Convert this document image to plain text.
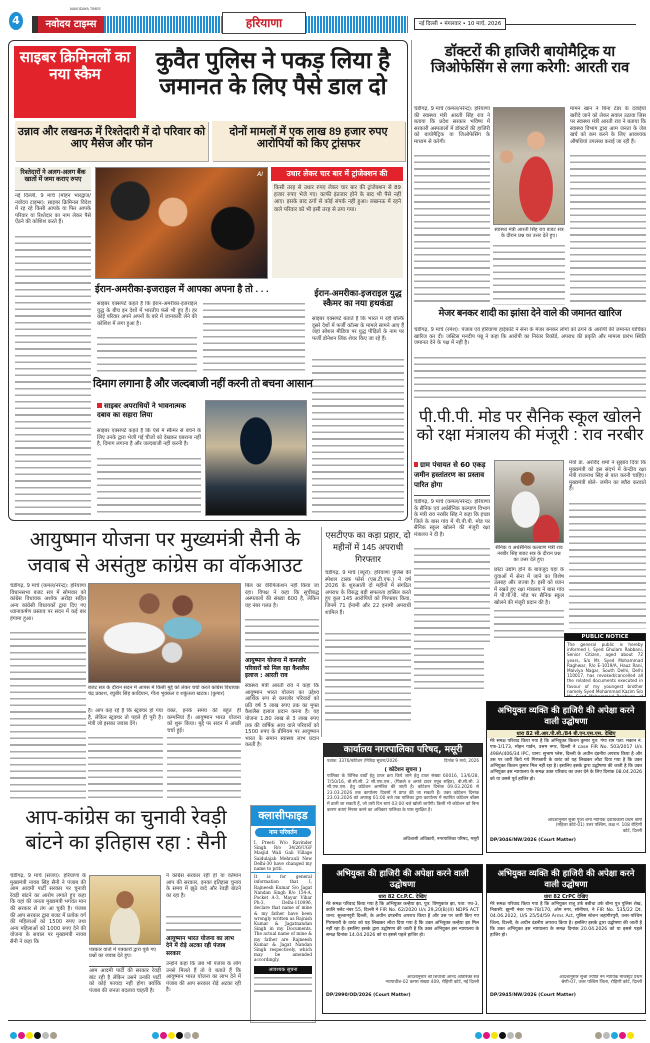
4
NAVODAYA TIMES
नवोदय टाइम्स	हरियाणा	नई दिल्ली • मंगलवार • 10 मार्च, 2026
साइबर क्रिमिनलों का नया स्कैम
कुवैत पुलिस ने पकड़ लिया है जमानत के लिए पैसे डाल दो
उन्नाव और लखनऊ में रिश्तेदारी में दो परिवार को आए मैसेज और फोन
दोनों मामलों में एक लाख 89 हजार रुपए आरोपियों को किए ट्रांसफर
रिश्तेदारों ने अलग-अलग बैंक खातों में जमा कराए रुपए
नई दिल्ली, 9 मार्च (मोहन भारद्वाज/नवोदय टाइम्स): साइबर क्रिमिनल विदेश में रह रहे किसी आपके या फिर आपके परिवार या रिश्तेदार का नाम लेकर पैसे ऐंठने की कोशिश करते हैं।
AI	उधार लेकर चार बार में ट्रांजेक्शन की
किसी तरह से उधार रुपए लेकर चार बार की ट्रांजेक्शन से 89 हजार रुपए भेजे गए। काफी इंतजार होने के बाद भी पैसे नहीं आए। इसके बाद ठगों से कोई संपर्क नहीं हुआ। लखनऊ में रहने वाले परिवार को भी इसी तरह से ठगा गया।
ईरान-अमरीका-इजराइल में आपका अपना है तो . . .
साइबर एक्सपर्ट कहते हैं कि ईरान-अमरीका-इजराइल युद्ध के बीच इन देशों में भारतीय फंसे भी हुए हैं। हर कोई परिवार अपने अपनों के बारे में जानकारी लेने की कोशिश में लगा हुआ है।
ईरान-अमरीका-इजराइल युद्ध स्कैमर का नया हथकंडा
साइबर एक्सपर्ट बताते हैं कि भारत में रही बल्कि दूसरे देशों में फर्जी कॉल्स के मामले सामने आए हैं जहां सोशल मीडिया पर युद्ध पीड़ितों के नाम पर फर्जी डोनेशन लिंक शेयर किए जा रहे हैं।
दिमाग लगाना है और जल्दबाजी नहीं करनी तो बचना आसान
साइबर अपराधियों ने भावनात्मक दबाव का सहारा लिया
साइबर एक्सपर्ट कहते हैं कि ऐसे में स्कैमर से बचने के लिए उनके द्वारा भेजी गई चीजों को देखकर घबराना नहीं है, दिमाग लगाना है और जल्दबाजी नहीं करनी है।
डॉक्टरों की हाजिरी बायोमैट्रिक या जिओफेसिंग से लगा करेगी: आरती राव
चंडीगढ़, 9 मार्च (कमल/नरेन्द्र): हरियाणा की स्वास्थ्य मंत्री आरती सिंह राव ने बताया कि प्रदेश सरकार भविष्य में सरकारी अस्पतालों में डॉक्टरों की हाजिरी को बायोमैट्रिक या जिओफेसिंग के माध्यम से करेगी।
स्वास्थ्य मंत्री आरती सिंह राव बजट सत्र के दौरान प्रश्न का उत्तर देते हुए।
मामन खान ने बिना टेंडर के दवाईयां खरीदे जाने को लेकर सवाल उठाया जिस पर स्वास्थ्य मंत्री आरती राव ने बताया कि स्वास्थ्य विभाग द्वारा आम जनता के जेब खर्च को कम करने के लिए आवश्यक औषधियां उपलब्ध कराई जा रही हैं।
मेजर बनकर शादी का झांसा देने वाले की जमानत खारिज
चंडीगढ़, 9 मार्च (रमेश): पंजाब एवं हरियाणा हाईकोर्ट ने सेना के मेजर बनकर लोगों को ठगने के आरोपी की जमानत याचिका खारिज कर दी। जस्टिस मनदीप पन्नू ने कहा कि आरोपी का निरंतर रिकॉर्ड, अपराध की प्रकृति और मामला प्रारंभ स्थिति जमानत देने के पक्ष में नहीं है।
पी.पी.पी. मोड पर सैनिक स्कूल खोलने को रक्षा मंत्रालय की मंजूरी : राव नरबीर
ग्राम पंचायत से 60 एकड़ जमीन हस्तांतरण का प्रस्ताव पारित होगा
चंडीगढ़, 9 मार्च (कमल/नरेन्द्र): हरियाणा के सैनिक एवं अर्धसैनिक कल्याण विभाग के मंत्री राव नरबीर सिंह ने कहा कि इच्छा जिले के बास गांव में पी.पी.पी. मोड पर सैनिक स्कूल खोलने की मंजूरी रक्षा मंत्रालय ने दी है।
सैनिक व अर्धसैनिक कल्याण मंत्री राव नरबीर सिंह बजट सत्र के दौरान प्रश्न का उत्तर देते हुए।
छोटा उद्योग होने के बावजूद यहां के युवाओं में सेना में जाने का विशेष उत्साह और जज्बा है। इसी को ध्यान में रखते हुए रक्षा मंत्रालय ने बास गांव में पी.पी.पी. मोड पर सैनिक स्कूल खोलने की मंजूरी प्रदान की है।
मेयो डा. अरविंद शर्मा ने सुझाव दिया कि मुख्यमंत्री को इस संदर्भ में केन्द्रीय रक्षा मंत्री राजनाथ सिंह से बात करनी चाहिए। मुख्यमंत्री बोले- जमीन का ब्यौरा करवाते हैं।
PUBLIC NOTICE
The general public is hereby informed I, Syed Ghulam Rabbani, Senior Citizen, aged about 72 years, S/o Mr. Syed Mohammad Raghwar, R/o E-1019/A, Hauz Rani, Malviya Nagar, South Delhi, Delhi 110017, has revoked/cancelled all the related documents executed in favour of my youngest brother namely Syed Mohammad Kazim S/o Mr. Syed Mohammad Raghwar, of
अभियुक्त व्यक्ति की हाजिरी की अपेक्षा करने वाली उद्घोषणा
धारा 82 सी.आर.पी.सी./84 बी.एन.एस.एस. देखिए
मेरे समक्ष परिवाद किया गया है कि अभियुक्त किशन कुमार पुत्र: गंगा राम पता: मकान नं. एफ-1/173, मोहन गार्डन, उत्तम नगर, दिल्ली ने case FIR No. 503/2017 U/s 498A/406/34 IPC, थाना: सुभाष प्लेस, दिल्ली के अधीन दंडनीय अपराध किया है और उस पर जारी किये गये गिरफ्तारी के वारंट को यह लिखकर लौटा दिया गया है कि उक्त अभियुक्त किशन कुमार मिल नहीं रहा है। इसलिए इसके द्वारा उद्घोषणा की जाती है कि उक्त अभियुक्त इस न्यायालय के समक्ष उक्त परिवाद का उत्तर देने के लिए दिनांक 08.04.2026 को या उससे पूर्व हाजिर हो।
आदेशानुसार सुश्री पूजा शर्मा न्यायिक दंडाधिकारी प्रथम श्रेणी (महिला कोर्ट-01) उत्तर पश्चिम, कक्ष नं. 108 रोहिणी कोर्ट, दिल्ली
DP/3046/NW/2026 (Court Matter)
आयुष्मान योजना पर मुख्यमंत्री सैनी के जवाब से असंतुष्ट कांग्रेस का वॉकआउट
चंडीगढ़, 9 मार्च (कमल/नरेन्द्र): हरियाणा विधानसभा बजट सत्र में सोमवार को कांग्रेस विधायक अशोक अरोड़ा सहित अन्य कांग्रेसी विधायकों द्वारा दिए गए ध्यानाकर्षण प्रस्ताव पर सदन में कई बार हंगामा हुआ।
बजट सत्र के दौरान सदन में आपस में किसी मुद्दे को लेकर चर्चा करते कांग्रेस विधायक चंद्र प्रकाश, रघुबीर सिंह कादियान, गीता भुक्कल व शकुंतला खटक। (कुमार)
है। आप कह रहे हैं कि स्ट्रक्चर हो गया है, लेकिन स्ट्रक्चर तो पहले ही पूरी है। मंत्री जो इसका जवाब देंगे।
वक्त, इनके समय की बहुत ही कम्पनियां हैं। आयुष्मान भारत योजना को शुरू किया। मुद्दे पर सदन में अच्छी चर्चा हुई।
बिल का वेरिफिकेशन नहीं किया जा रहा। विपक्ष ने कहा कि सूचीबद्ध अस्पतालों की संख्या 600 है, लेकिन यह नंबर गलत है।
आयुष्मान योजना में कमजोर परिवारों को मिल रहा कैशलैस इलाज : आरती राव
स्वास्थ्य मंत्री आरती राव ने कहा कि आयुष्मान भारत योजना का उद्देश्य आर्थिक रूप से कमजोर परिवारों को प्रति वर्ष 5 लाख रुपए तक का मुफ्त कैशलैस इलाज प्रदान करना है। यह योजना 1.80 लाख से 3 लाख रुपए तक की वार्षिक आय वाले परिवारों को 1500 रुपए के प्रीमियम पर आयुष्मान भारत के समान स्वास्थ्य लाभ प्रदान करती है।
एसटीएफ का कड़ा प्रहार, दो महीनों में 145 अपराधी गिरफ्तार
चंडीगढ़, 9 मार्च (ब्यूरो): हरियाणा पुलिस की स्पेशल टास्क फोर्स (एस.टी.एफ.) ने वर्ष 2026 के शुरुआती दो महीनों में संगठित अपराध के विरुद्ध बड़ी सफलता हासिल करते हुए कुल 145 आरोपियों को गिरफ्तार किया, जिनमें 71 ईनामी और 22 इनामी अपराधी शामिल हैं।
कार्यालय नगरपालिका परिषद, मसूरी
पत्रांक: 3376/कोटेशन /निविदा सूचना/2026	दिनांक 9 मार्च, 2026
( कोटेशन सूचना )
पालिका के विभिन्न वार्डों हेतु टावर क्रय किये जाने हेतु टावर संख्या 60016, 13/6/28, 7/50/16, बी.सी.सी. 2 सी.एफ.एस., (पिछले व अगले टावर एयूब सहित), बी.सी.सी. 3 सी.एफ.एस. हेतु कोटेशन आमंत्रित की जाती है। कोटेशन दिनांक 09.03.2026 से 23.03.2026 तक कार्यालय दिवसों में प्राप्त की जा सकती हैं। उक्त कोटेशन दिनांक 23.03.2026 को अपराह्न 01:00 बजे तक पालिका द्वारा कार्यालय में स्थापित कोटेशन बॉक्स में डाली जा सकती हैं, जो उसी दिन सायं 03:00 बजे खोली जायेंगी। किसी भी कोटेशन को बिना कारण बताएं निरस्त करने का अधिकार पालिका के पास सुरक्षित है।
अधिशासी अधिकारी, नगरपालिका परिषद, मसूरी
आप-कांग्रेस का चुनावी रेवड़ी बांटने का इतिहास रहा : सैनी
चंडीगढ़, 9 मार्च (संजय): हरियाणा के मुख्यमंत्री नायब सिंह सैनी ने पंजाब की आम आदमी पार्टी सरकार पर चुनावी रेवड़ी बांटने का आरोप लगाते हुए कहा कि वहां की जनता मुख्यमंत्री भगवंत मान की सरकार से तंग आ चुकी है। पंजाब की आप सरकार द्वारा बजट में प्रत्येक वर्ग की महिलाओं को 1500 रुपए तथा अन्य महिलाओं को 1000 रुपए देने की योजना के सवाल पर मुख्यमंत्री नायब सैनी ने कहा कि
पत्रकार वार्ता में पत्रकारों द्वारा पूछे गए प्रश्नों का जवाब देते हुए।
आम आदमी पार्टी की सरकार रेवड़ी बांट रही है लेकिन उसने उनकी पार्टी को कोई फायदा नहीं होगा क्योंकि पंजाब की जनता बदलाव चाहती है।
ने कांग्रेस सरकार रही हो या वर्तमान आप की सरकार, इनका इतिहास चुनाव के समय में झूठे वादे और रेवड़ी बांटने का रहा है।
आयुष्मान भारत योजना का लाभ देने में रोड़े अटका रही पंजाब सरकार
उन्होंने कहा कि जब भी पंजाब के लोग उनसे मिलते हैं तो वे बताते हैं कि आयुष्मान भारत योजना का लाभ देने में पंजाब की आप सरकार रोड़े अटका रही है।
क्लासीफाइड
नाम परिवर्तन
I, Preeti W/o Ravinder Singh R/o 34/26/UGF Masjid Wali Gali Village Saidulajab Mehrauli New Delhi-30 have changed my name to priti.
It is for general information that I, Rajneesh Kumar S/o Jagat Nandan Singh R/o 154-A, Pocket A-3, Mayur Vihar Ph-3, Delhi-110096, declare that name of mine & my father have been wrongly written as Rajnish Kumar & Jagatnandan Singh in my Documents. The actual name of mine & my father are Rajneesh Kumar & Jagat Nandan Singh respectively, which may be amended accordingly.
आवश्यक सूचना
अभियुक्त की हाजिरी की अपेक्षा करने वाली उद्घोषणा
धारा 82 Cr.P.C. देखिए
मेरे समक्ष परिवाद किया गया है कि अभियुक्त कन्हैया झा, पुत्र: विष्णुकांत झा, पता: एच-3, कालि फ्लैट नंबर 55, दिल्ली ने FIR No. 62/2020 U/s 29,20(B)(II) NDPS ACT थाना: सुल्तानपुरी दिल्ली, के अधीन दण्डनीय अपराध किया है और उस पर जारी किए गए गिरफ्तारी के वारंट को यह लिखकर लौटा दिया गया है कि उक्त अभियुक्त कन्हैया झा मिल नहीं रहा है। इसलिए इसके द्वारा उद्घोषणा की जाती है कि उक्त अभियुक्त इस न्यायालय के समक्ष दिनांक 14.04.2026 को या इससे पहले हाजिर हो।
आदेशानुसार श्री शिवाजी आनंद अतिरिक्त सत्र न्यायाधीश-02 कमरा संख्या 409, रोहिणी कोर्ट, नई दिल्ली
DP/2990/OD/2026 (Court Matter)
अभियुक्त व्यक्ति की हाजिरी की अपेक्षा करने वाली उद्घोषणा
धारा 82 CrPC देखिए
मेरे समक्ष परिवाद किया गया है कि अभियुक्त राजू उर्फ बबीचा उर्फ बौना पुत्र पुलिस शेख, निवासी: झुग्गी नंबर एफ-78/170, ओम नगर, सोनीपत, ने FIR No. 535/22 Dt. 04.06.2022, U/S 25/54/59 Arms Act, पुलिस स्टेशन जहांगीरपुरी, उत्तर-पश्चिम जिला, दिल्ली, के अधीन दंडनीय अपराध किया है। इसलिए इसके द्वारा उद्घोषणा की जाती है कि उक्त अभियुक्त इस न्यायालय के समक्ष दिनांक 20.04.2026 को या इससे पहले हाजिर हो।
आदेशानुसार सुश्री ज्योति नैन न्यायिक मजिस्ट्रेट प्रथम श्रेणी-07, उत्तर पश्चिम जिला, रोहिणी कोर्ट, दिल्ली
DP/2945/NW/2026 (Court Matter)
